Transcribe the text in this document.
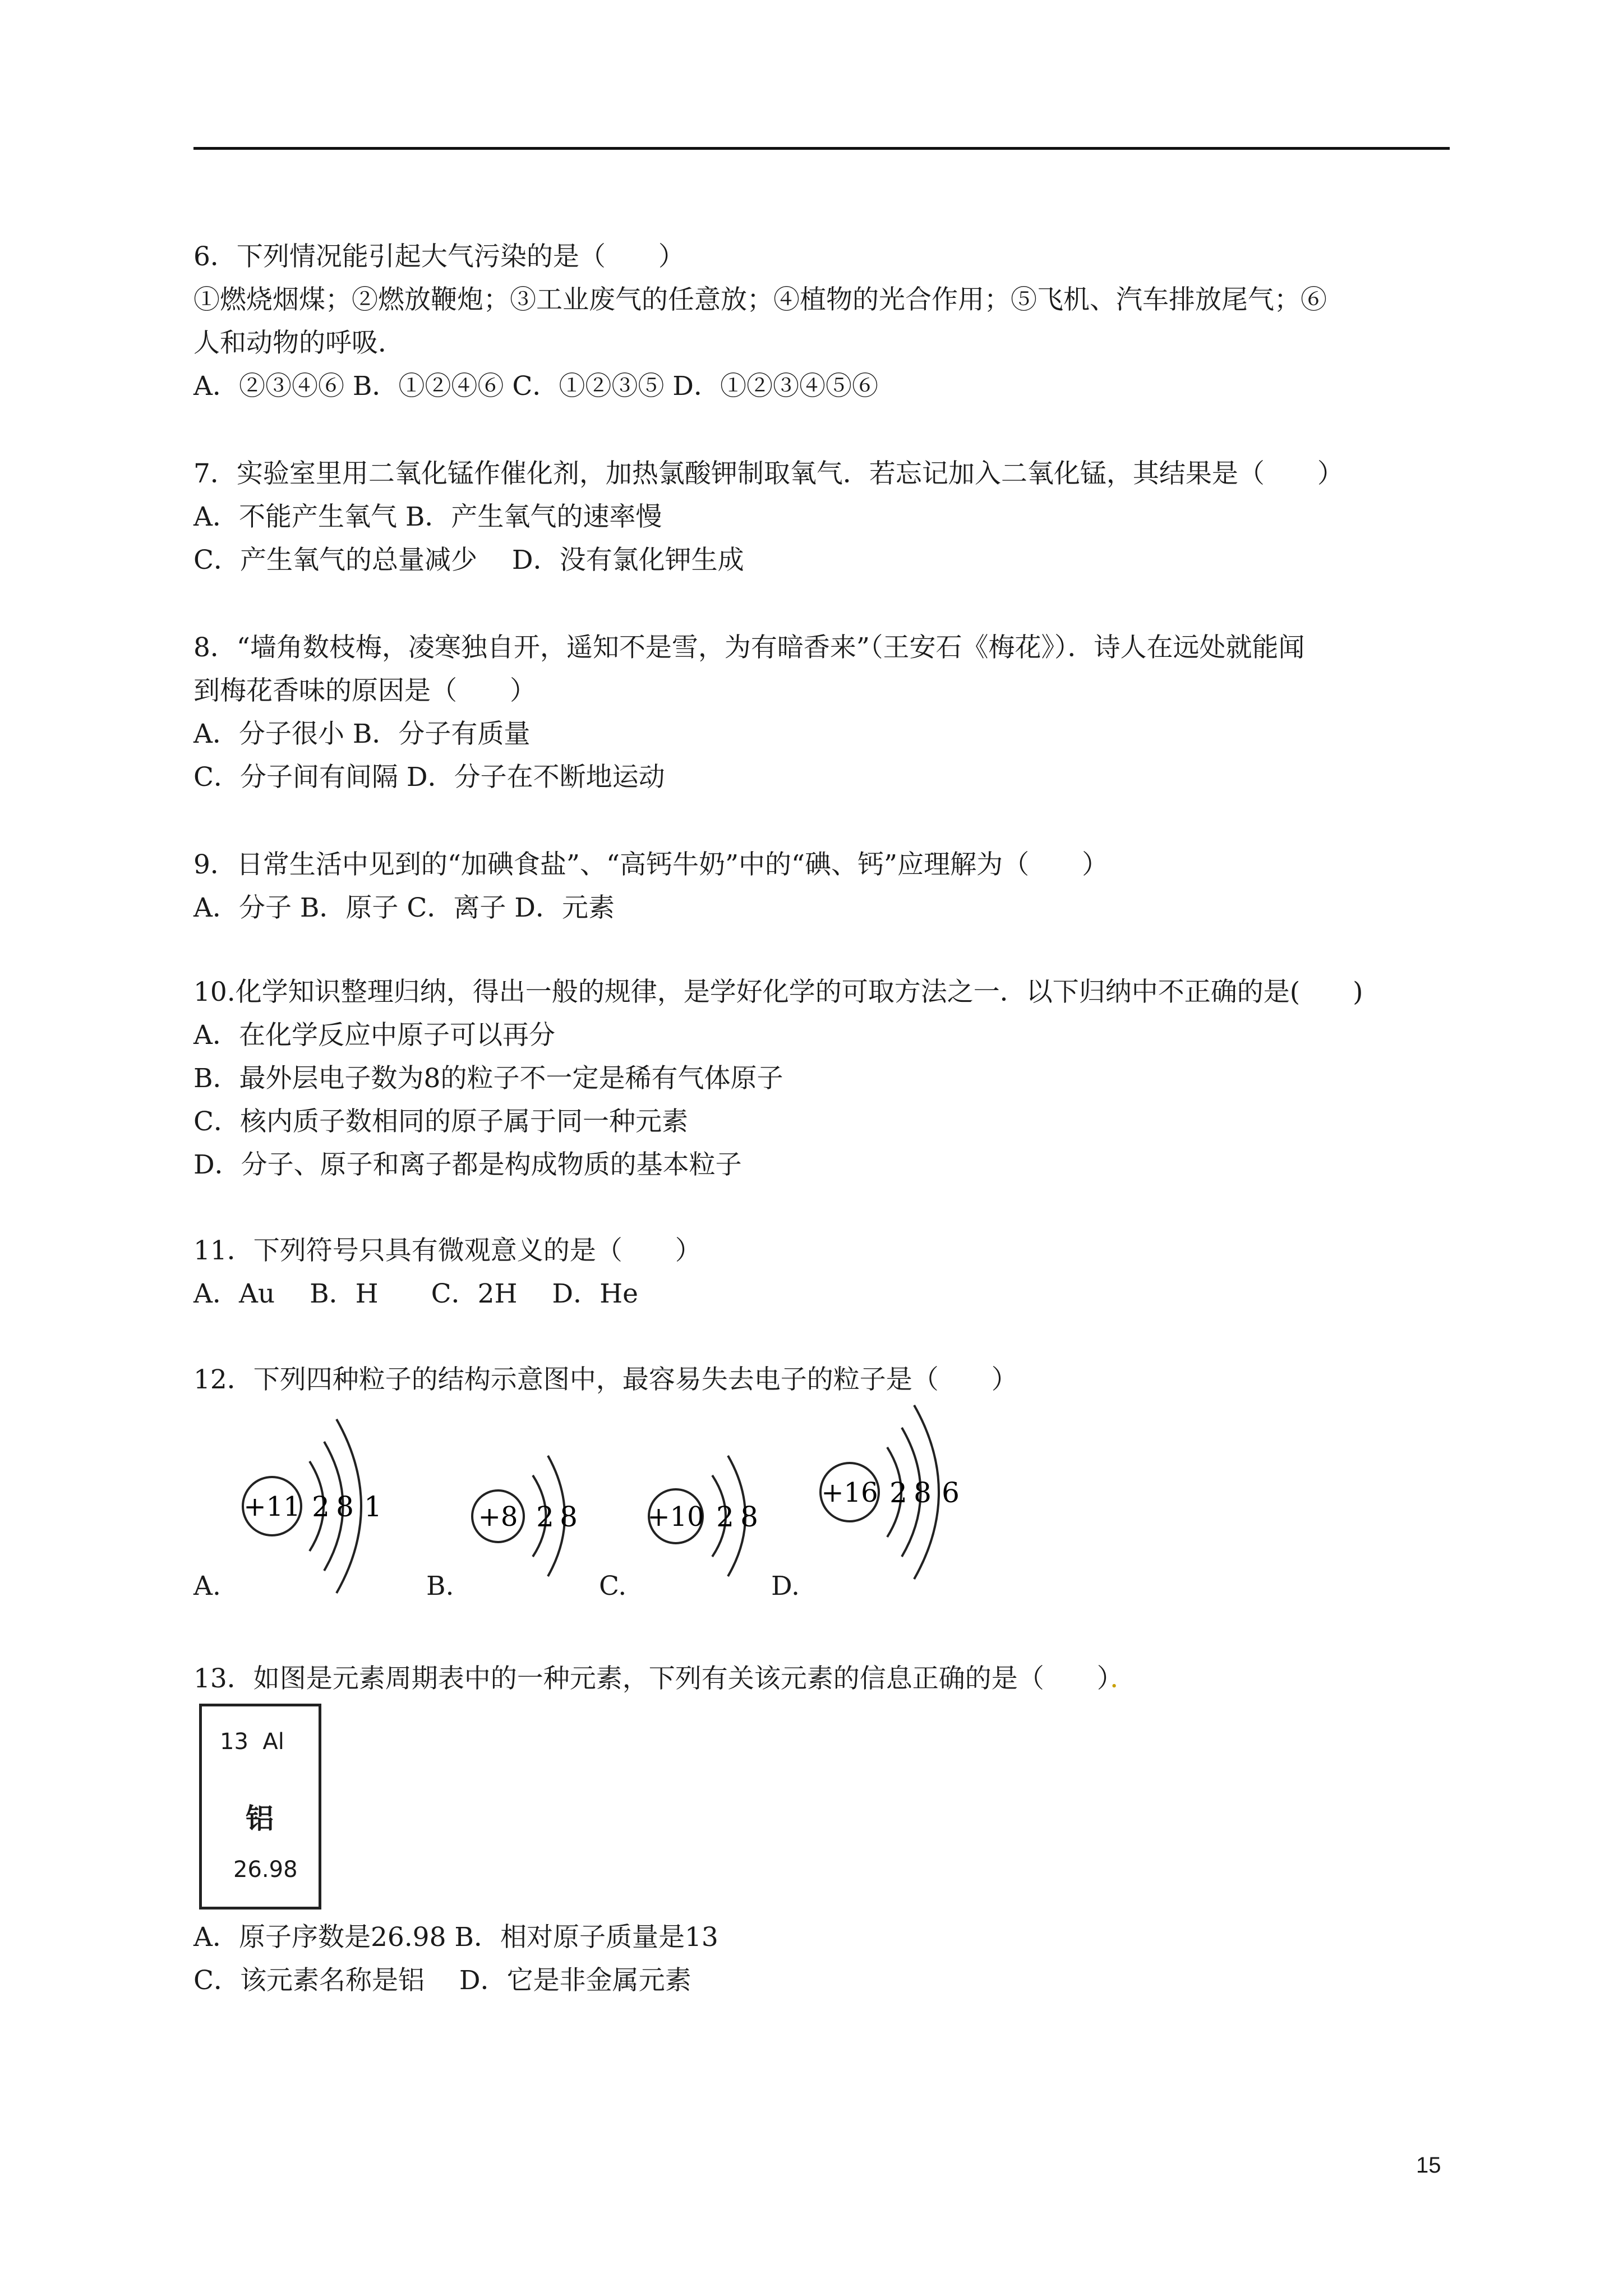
6．下列情况能引起大气污染的是（　　）
①燃烧烟煤；②燃放鞭炮；③工业废气的任意放；④植物的光合作用；⑤飞机、汽车排放尾气；⑥
人和动物的呼吸．
A．②③④⑥ B．①②④⑥ C．①②③⑤ D．①②③④⑤⑥
7．实验室里用二氧化锰作催化剂，加热氯酸钾制取氧气．若忘记加入二氧化锰，其结果是（　　）
A．不能产生氧气 B．产生氧气的速率慢
C．产生氧气的总量减少　 D．没有氯化钾生成
8．“墙角数枝梅，凌寒独自开，遥知不是雪，为有暗香来”（王安石《梅花》）．诗人在远处就能闻
到梅花香味的原因是（　　）
A．分子很小 B．分子有质量
C．分子间有间隔 D．分子在不断地运动
9．日常生活中见到的“加碘食盐”、“高钙牛奶”中的“碘、钙”应理解为（　　）
A．分子 B．原子 C．离子 D．元素
10.化学知识整理归纳，得出一般的规律，是学好化学的可取方法之一．以下归纳中不正确的是(　　)
A．在化学反应中原子可以再分
B．最外层电子数为8的粒子不一定是稀有气体原子
C．核内质子数相同的原子属于同一种元素
D．分子、原子和离子都是构成物质的基本粒子
11．下列符号只具有微观意义的是（　　）
A．Au　 B．H　　C．2H　 D．He
12．下列四种粒子的结构示意图中，最容易失去电子的粒子是（　　）
+11 2 8 1
A.
+8 2 8
B.
+10 2 8
C.
+16 2 8 6
D.
13．如图是元素周期表中的一种元素，下列有关该元素的信息正确的是（　　）．
13  Al
铝
26.98
A．原子序数是26.98 B．相对原子质量是13
C．该元素名称是铝　 D．它是非金属元素
15
